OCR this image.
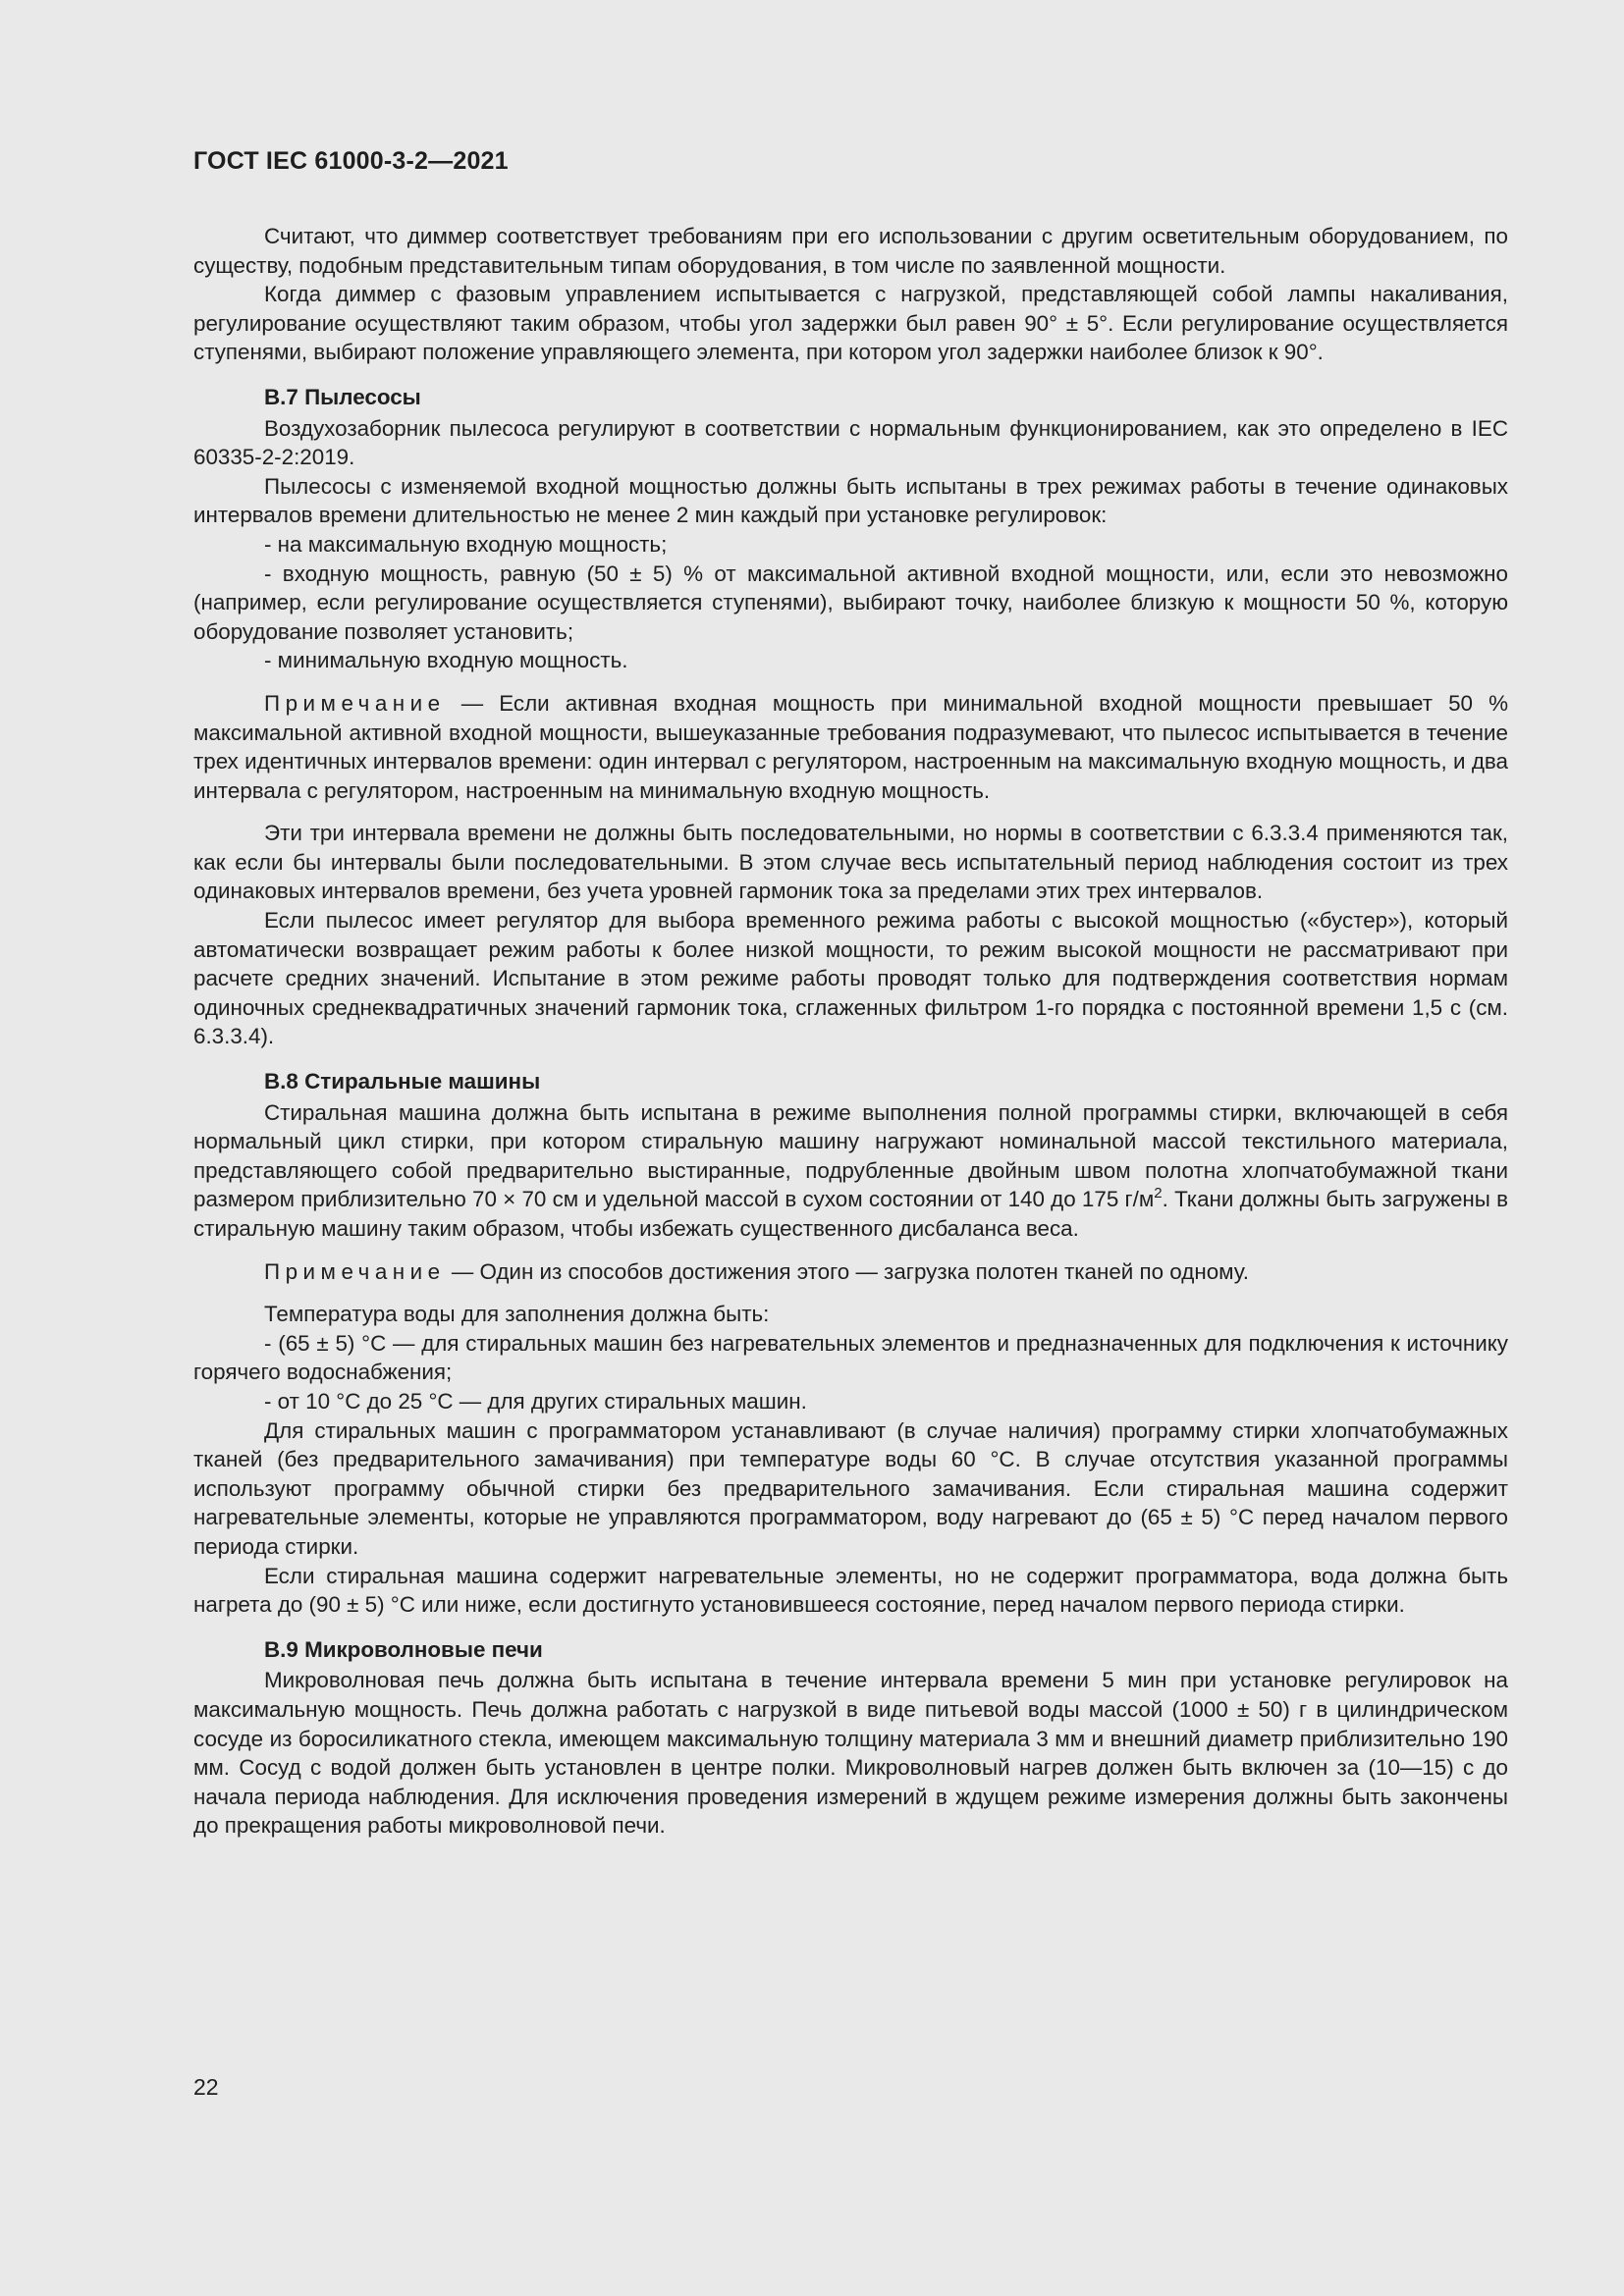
ГОСТ IEC 61000-3-2—2021

Считают, что диммер соответствует требованиям при его использовании с другим осветительным оборудованием, по существу, подобным представительным типам оборудования, в том числе по заявленной мощности.

Когда диммер с фазовым управлением испытывается с нагрузкой, представляющей собой лампы накаливания, регулирование осуществляют таким образом, чтобы угол задержки был равен 90° ± 5°. Если регулирование осуществляется ступенями, выбирают положение управляющего элемента, при котором угол задержки наиболее близок к 90°.

В.7 Пылесосы

Воздухозаборник пылесоса регулируют в соответствии с нормальным функционированием, как это определено в IEC 60335-2-2:2019.

Пылесосы с изменяемой входной мощностью должны быть испытаны в трех режимах работы в течение одинаковых интервалов времени длительностью не менее 2 мин каждый при установке регулировок:

- на максимальную входную мощность;

- входную мощность, равную (50 ± 5) % от максимальной активной входной мощности, или, если это невозможно (например, если регулирование осуществляется ступенями), выбирают точку, наиболее близкую к мощности 50 %, которую оборудование позволяет установить;

- минимальную входную мощность.

Примечание — Если активная входная мощность при минимальной входной мощности превышает 50 % максимальной активной входной мощности, вышеуказанные требования подразумевают, что пылесос испытывается в течение трех идентичных интервалов времени: один интервал с регулятором, настроенным на максимальную входную мощность, и два интервала с регулятором, настроенным на минимальную входную мощность.

Эти три интервала времени не должны быть последовательными, но нормы в соответствии с 6.3.3.4 применяются так, как если бы интервалы были последовательными. В этом случае весь испытательный период наблюдения состоит из трех одинаковых интервалов времени, без учета уровней гармоник тока за пределами этих трех интервалов.

Если пылесос имеет регулятор для выбора временного режима работы с высокой мощностью («бустер»), который автоматически возвращает режим работы к более низкой мощности, то режим высокой мощности не рассматривают при расчете средних значений. Испытание в этом режиме работы проводят только для подтверждения соответствия нормам одиночных среднеквадратичных значений гармоник тока, сглаженных фильтром 1-го порядка с постоянной времени 1,5 с (см. 6.3.3.4).

В.8 Стиральные машины

Стиральная машина должна быть испытана в режиме выполнения полной программы стирки, включающей в себя нормальный цикл стирки, при котором стиральную машину нагружают номинальной массой текстильного материала, представляющего собой предварительно выстиранные, подрубленные двойным швом полотна хлопчатобумажной ткани размером приблизительно 70 × 70 см и удельной массой в сухом состоянии от 140 до 175 $г/м^2$. Ткани должны быть загружены в стиральную машину таким образом, чтобы избежать существенного дисбаланса веса.

Примечание — Один из способов достижения этого — загрузка полотен тканей по одному.

Температура воды для заполнения должна быть:

- (65 ± 5) °С — для стиральных машин без нагревательных элементов и предназначенных для подключения к источнику горячего водоснабжения;

- от 10 °С до 25 °С — для других стиральных машин.

Для стиральных машин с программатором устанавливают (в случае наличия) программу стирки хлопчатобумажных тканей (без предварительного замачивания) при температуре воды 60 °С. В случае отсутствия указанной программы используют программу обычной стирки без предварительного замачивания. Если стиральная машина содержит нагревательные элементы, которые не управляются программатором, воду нагревают до (65 ± 5) °С перед началом первого периода стирки.

Если стиральная машина содержит нагревательные элементы, но не содержит программатора, вода должна быть нагрета до (90 ± 5) °С или ниже, если достигнуто установившееся состояние, перед началом первого периода стирки.

В.9 Микроволновые печи

Микроволновая печь должна быть испытана в течение интервала времени 5 мин при установке регулировок на максимальную мощность. Печь должна работать с нагрузкой в виде питьевой воды массой (1000 ± 50) г в цилиндрическом сосуде из боросиликатного стекла, имеющем максимальную толщину материала 3 мм и внешний диаметр приблизительно 190 мм. Сосуд с водой должен быть установлен в центре полки. Микроволновый нагрев должен быть включен за (10—15) с до начала периода наблюдения. Для исключения проведения измерений в ждущем режиме измерения должны быть закончены до прекращения работы микроволновой печи.

22
